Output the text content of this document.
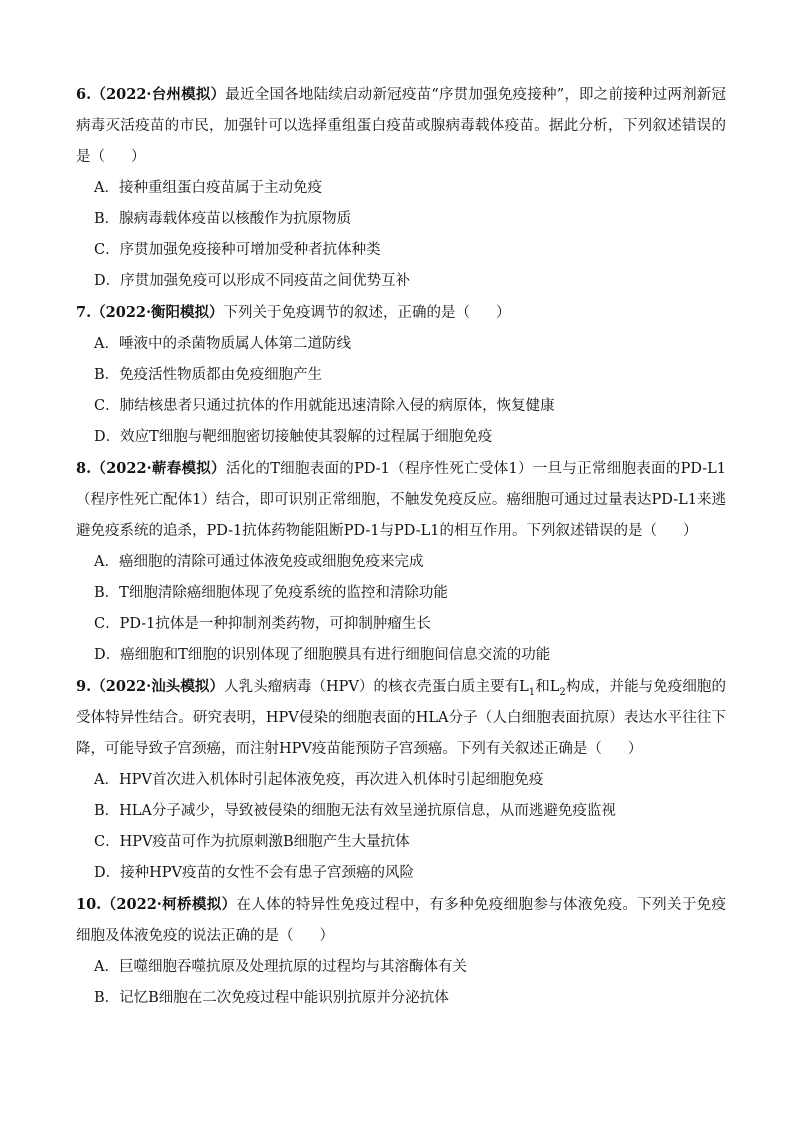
6.（2022·台州模拟）最近全国各地陆续启动新冠疫苗“序贯加强免疫接种”，即之前接种过两剂新冠病毒灭活疫苗的市民，加强针可以选择重组蛋白疫苗或腺病毒载体疫苗。据此分析，下列叙述错误的是（ ）

A．接种重组蛋白疫苗属于主动免疫

B．腺病毒载体疫苗以核酸作为抗原物质

C．序贯加强免疫接种可增加受种者抗体种类

D．序贯加强免疫可以形成不同疫苗之间优势互补

7.（2022·衡阳模拟）下列关于免疫调节的叙述，正确的是（ ）

A．唾液中的杀菌物质属人体第二道防线

B．免疫活性物质都由免疫细胞产生

C．肺结核患者只通过抗体的作用就能迅速清除入侵的病原体，恢复健康

D．效应T细胞与靶细胞密切接触使其裂解的过程属于细胞免疫

8.（2022·蕲春模拟）活化的T细胞表面的PD-1（程序性死亡受体1）一旦与正常细胞表面的PD-L1（程序性死亡配体1）结合，即可识别正常细胞，不触发免疫反应。癌细胞可通过过量表达PD-L1来逃避免疫系统的追杀，PD-1抗体药物能阻断PD-1与PD-L1的相互作用。下列叙述错误的是（ ）

A．癌细胞的清除可通过体液免疫或细胞免疫来完成

B．T细胞清除癌细胞体现了免疫系统的监控和清除功能

C．PD-1抗体是一种抑制剂类药物，可抑制肿瘤生长

D．癌细胞和T细胞的识别体现了细胞膜具有进行细胞间信息交流的功能

9.（2022·汕头模拟）人乳头瘤病毒（HPV）的核衣壳蛋白质主要有$L_1$和$L_2$构成，并能与免疫细胞的受体特异性结合。研究表明，HPV侵染的细胞表面的HLA分子（人白细胞表面抗原）表达水平往往下降，可能导致子宫颈癌，而注射HPV疫苗能预防子宫颈癌。下列有关叙述正确是（ ）

A．HPV首次进入机体时引起体液免疫，再次进入机体时引起细胞免疫

B．HLA分子减少，导致被侵染的细胞无法有效呈递抗原信息，从而逃避免疫监视

C．HPV疫苗可作为抗原刺激B细胞产生大量抗体

D．接种HPV疫苗的女性不会有患子宫颈癌的风险

10.（2022·柯桥模拟）在人体的特异性免疫过程中，有多种免疫细胞参与体液免疫。下列关于免疫细胞及体液免疫的说法正确的是（ ）

A．巨噬细胞吞噬抗原及处理抗原的过程均与其溶酶体有关

B．记忆B细胞在二次免疫过程中能识别抗原并分泌抗体
